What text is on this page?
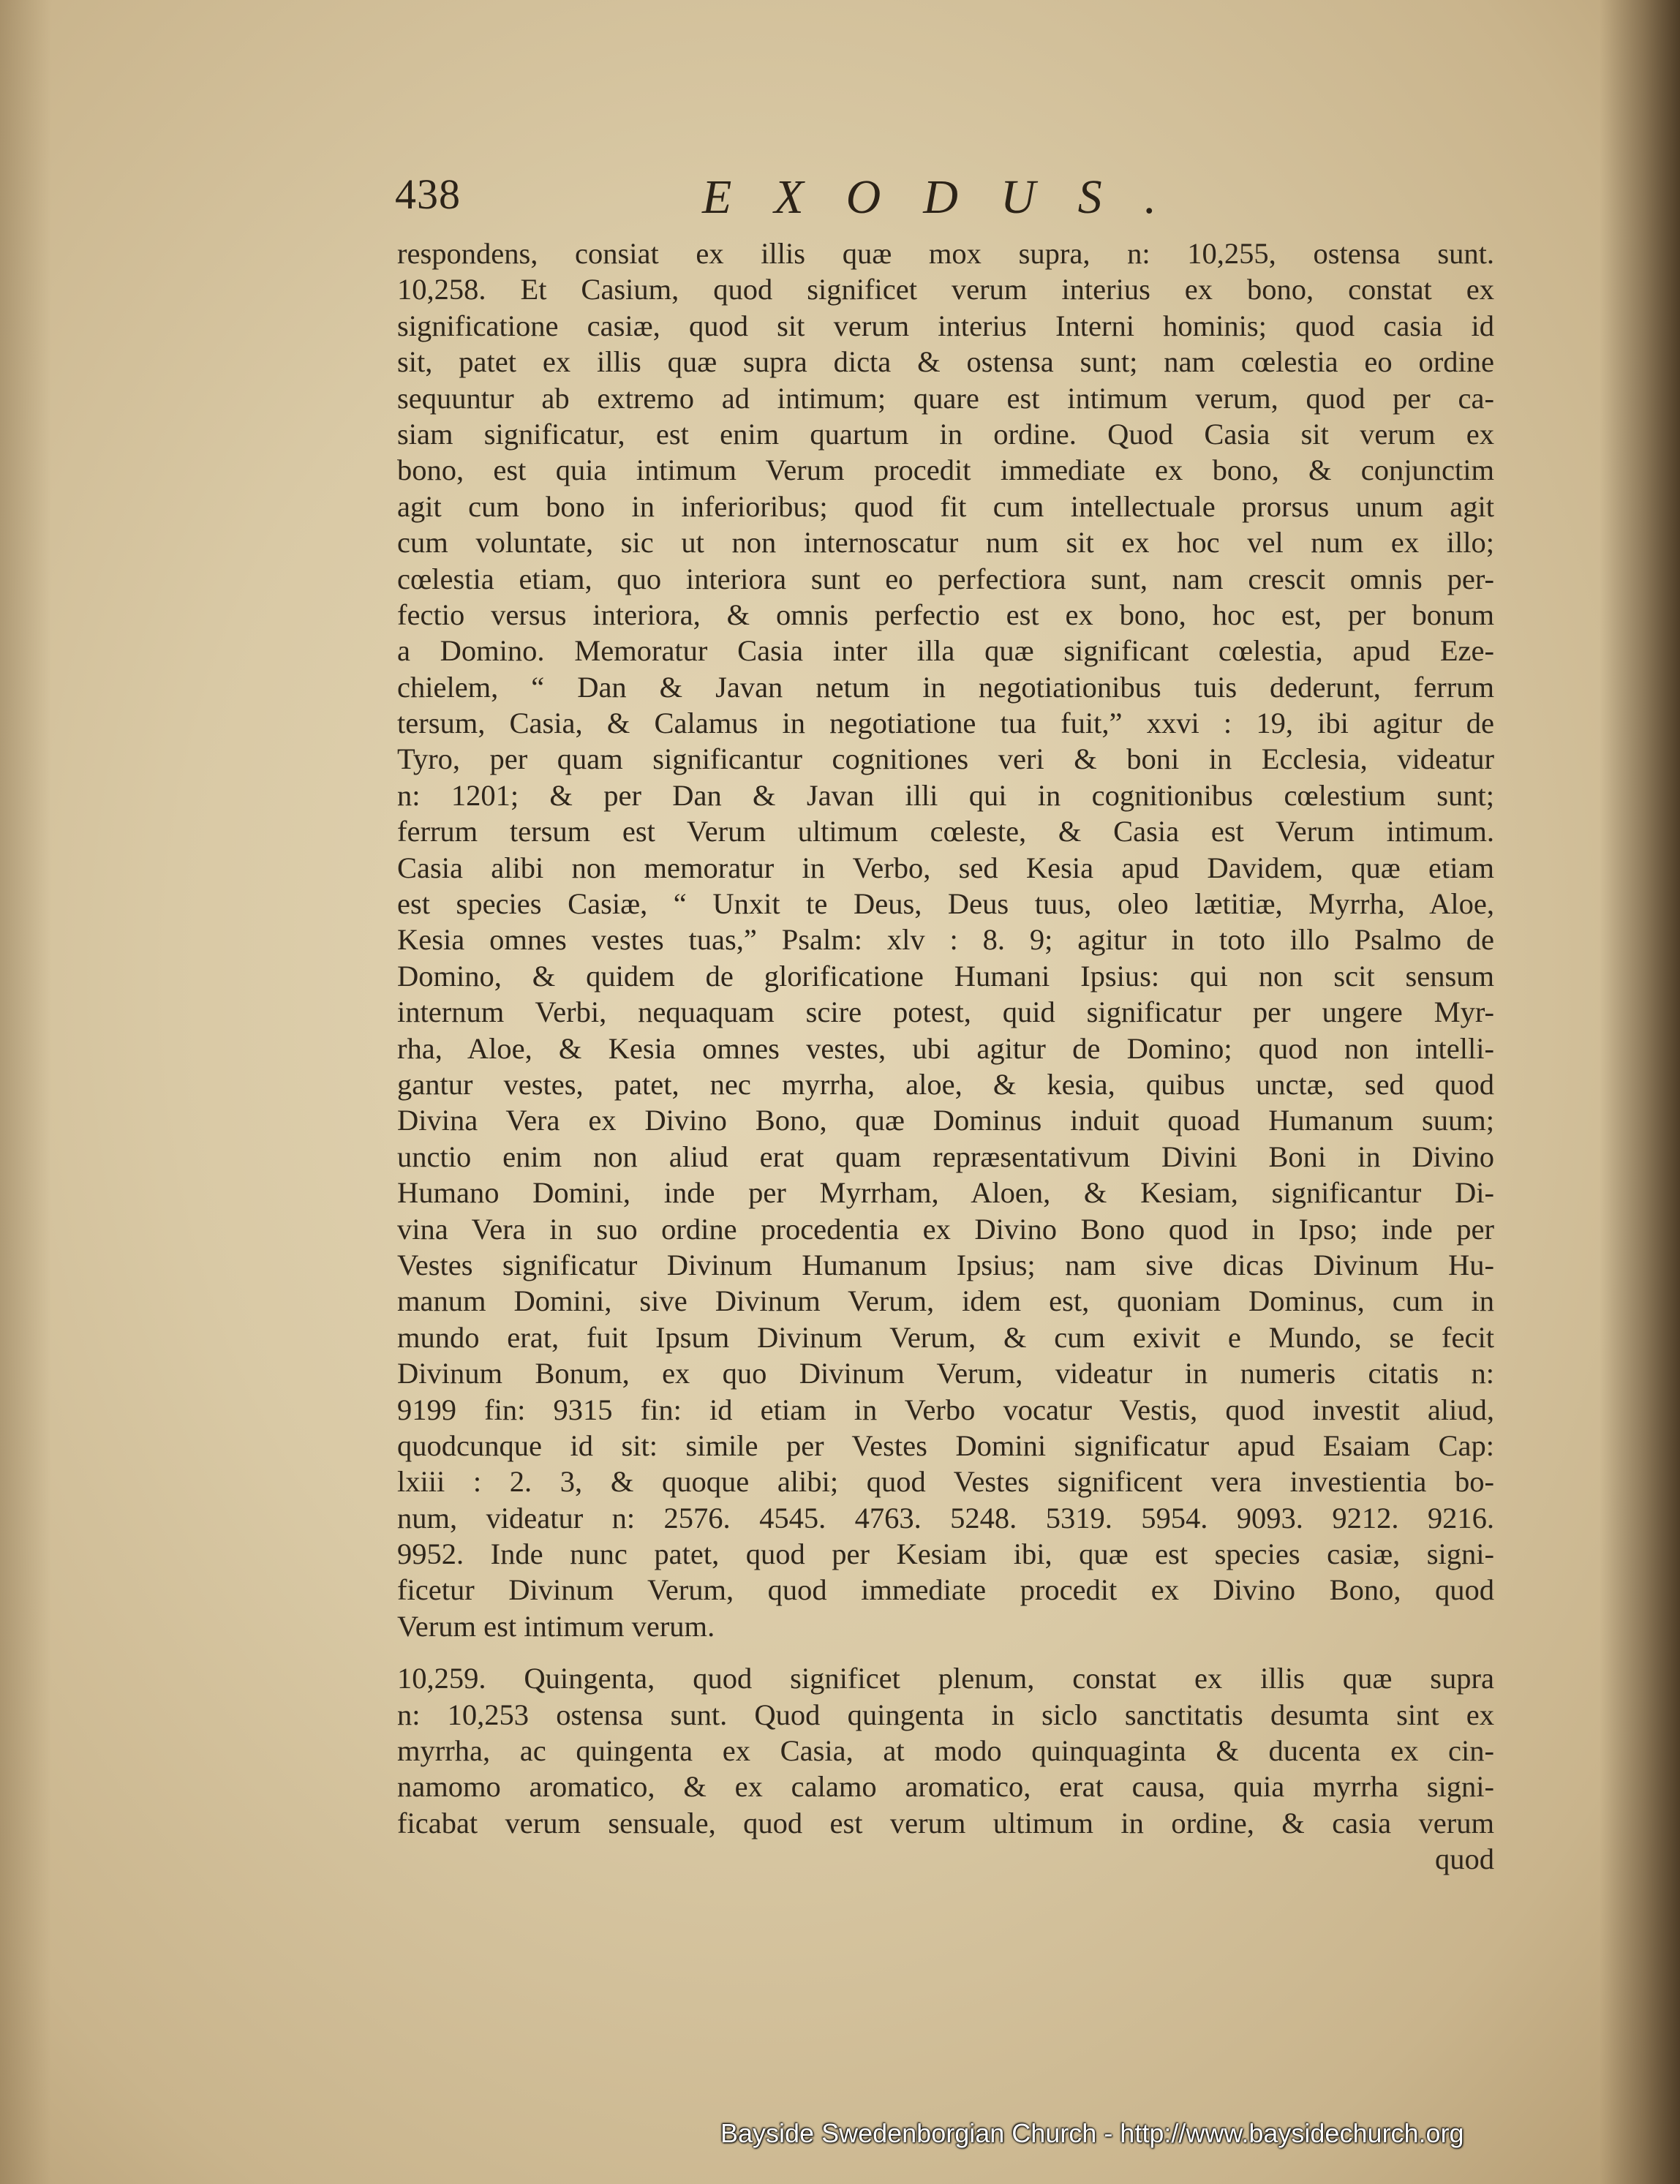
438	EXODUS.
respondens, consiat ex illis quæ mox supra, n: 10,255, ostensa sunt.
10,258. Et Casium, quod significet verum interius ex bono, constat ex
significatione casiæ, quod sit verum interius Interni hominis; quod casia id
sit, patet ex illis quæ supra dicta & ostensa sunt; nam cœlestia eo ordine
sequuntur ab extremo ad intimum; quare est intimum verum, quod per ca-
siam significatur, est enim quartum in ordine. Quod Casia sit verum ex
bono, est quia intimum Verum procedit immediate ex bono, & conjunctim
agit cum bono in inferioribus; quod fit cum intellectuale prorsus unum agit
cum voluntate, sic ut non internoscatur num sit ex hoc vel num ex illo;
cœlestia etiam, quo interiora sunt eo perfectiora sunt, nam crescit omnis per-
fectio versus interiora, & omnis perfectio est ex bono, hoc est, per bonum
a Domino. Memoratur Casia inter illa quæ significant cœlestia, apud Eze-
chielem, “ Dan & Javan netum in negotiationibus tuis dederunt, ferrum
tersum, Casia, & Calamus in negotiatione tua fuit,” xxvi : 19, ibi agitur de
Tyro, per quam significantur cognitiones veri & boni in Ecclesia, videatur
n: 1201; & per Dan & Javan illi qui in cognitionibus cœlestium sunt;
ferrum tersum est Verum ultimum cœleste, & Casia est Verum intimum.
Casia alibi non memoratur in Verbo, sed Kesia apud Davidem, quæ etiam
est species Casiæ, “ Unxit te Deus, Deus tuus, oleo lætitiæ, Myrrha, Aloe,
Kesia omnes vestes tuas,” Psalm: xlv : 8. 9; agitur in toto illo Psalmo de
Domino, & quidem de glorificatione Humani Ipsius: qui non scit sensum
internum Verbi, nequaquam scire potest, quid significatur per ungere Myr-
rha, Aloe, & Kesia omnes vestes, ubi agitur de Domino; quod non intelli-
gantur vestes, patet, nec myrrha, aloe, & kesia, quibus unctæ, sed quod
Divina Vera ex Divino Bono, quæ Dominus induit quoad Humanum suum;
unctio enim non aliud erat quam repræsentativum Divini Boni in Divino
Humano Domini, inde per Myrrham, Aloen, & Kesiam, significantur Di-
vina Vera in suo ordine procedentia ex Divino Bono quod in Ipso; inde per
Vestes significatur Divinum Humanum Ipsius; nam sive dicas Divinum Hu-
manum Domini, sive Divinum Verum, idem est, quoniam Dominus, cum in
mundo erat, fuit Ipsum Divinum Verum, & cum exivit e Mundo, se fecit
Divinum Bonum, ex quo Divinum Verum, videatur in numeris citatis n:
9199 fin: 9315 fin: id etiam in Verbo vocatur Vestis, quod investit aliud,
quodcunque id sit: simile per Vestes Domini significatur apud Esaiam Cap:
lxiii : 2. 3, & quoque alibi; quod Vestes significent vera investientia bo-
num, videatur n: 2576. 4545. 4763. 5248. 5319. 5954. 9093. 9212. 9216.
9952. Inde nunc patet, quod per Kesiam ibi, quæ est species casiæ, signi-
ficetur Divinum Verum, quod immediate procedit ex Divino Bono, quod
Verum est intimum verum.
10,259. Quingenta, quod significet plenum, constat ex illis quæ supra
n: 10,253 ostensa sunt. Quod quingenta in siclo sanctitatis desumta sint ex
myrrha, ac quingenta ex Casia, at modo quinquaginta & ducenta ex cin-
namomo aromatico, & ex calamo aromatico, erat causa, quia myrrha signi-
ficabat verum sensuale, quod est verum ultimum in ordine, & casia verum
quod
Bayside Swedenborgian Church - http://www.baysidechurch.org
